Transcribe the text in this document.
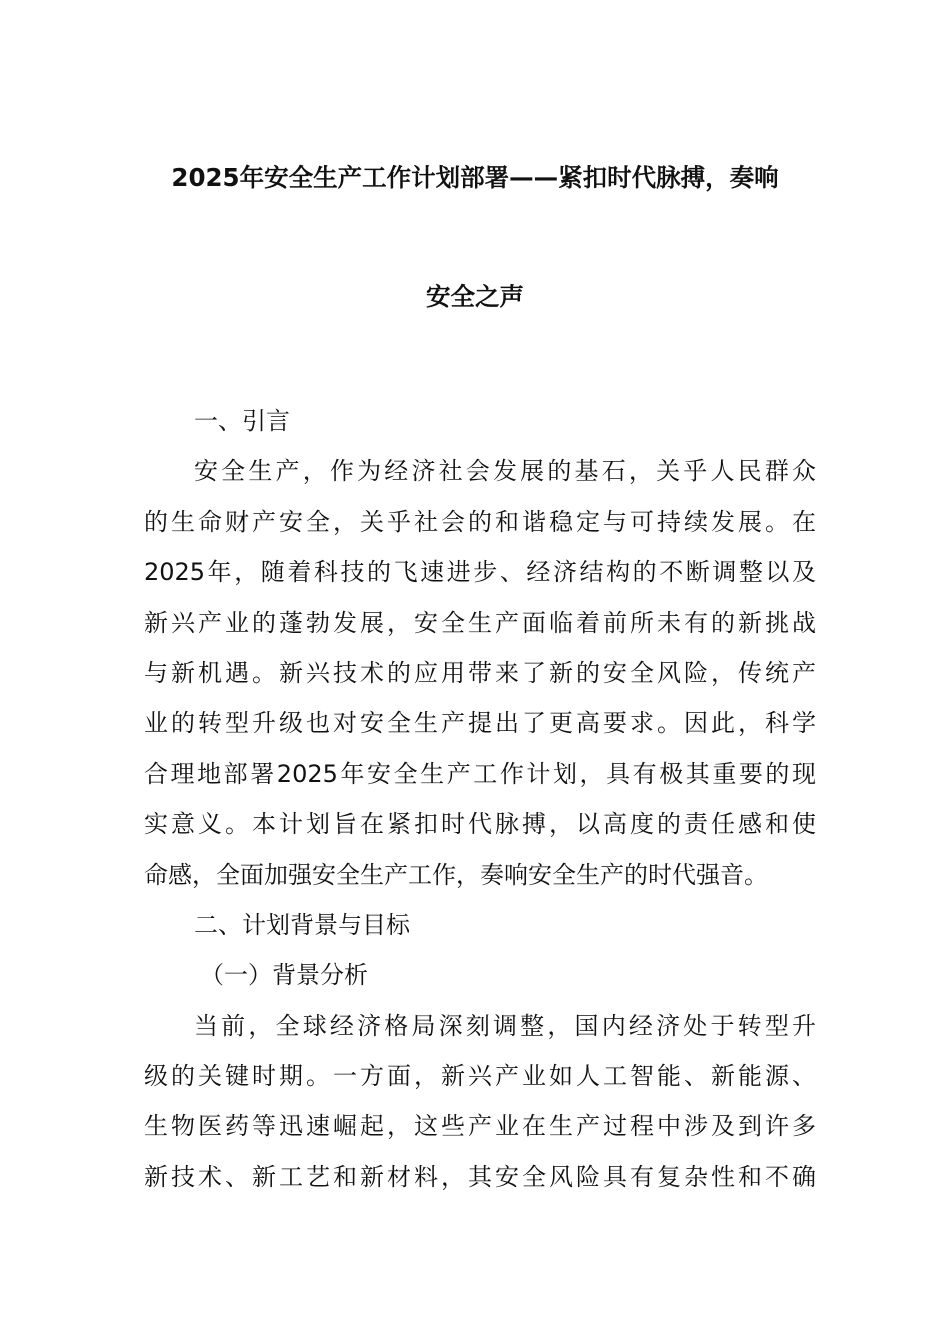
2025年安全生产工作计划部署——紧扣时代脉搏，奏响
安全之声
一、引言
安全生产，作为经济社会发展的基石，关乎人民群众
的生命财产安全，关乎社会的和谐稳定与可持续发展。在
2025年，随着科技的飞速进步、经济结构的不断调整以及
新兴产业的蓬勃发展，安全生产面临着前所未有的新挑战
与新机遇。新兴技术的应用带来了新的安全风险，传统产
业的转型升级也对安全生产提出了更高要求。因此，科学
合理地部署2025年安全生产工作计划，具有极其重要的现
实意义。本计划旨在紧扣时代脉搏，以高度的责任感和使
命感，全面加强安全生产工作，奏响安全生产的时代强音。
二、计划背景与目标
（一）背景分析
当前，全球经济格局深刻调整，国内经济处于转型升
级的关键时期。一方面，新兴产业如人工智能、新能源、
生物医药等迅速崛起，这些产业在生产过程中涉及到许多
新技术、新工艺和新材料，其安全风险具有复杂性和不确
